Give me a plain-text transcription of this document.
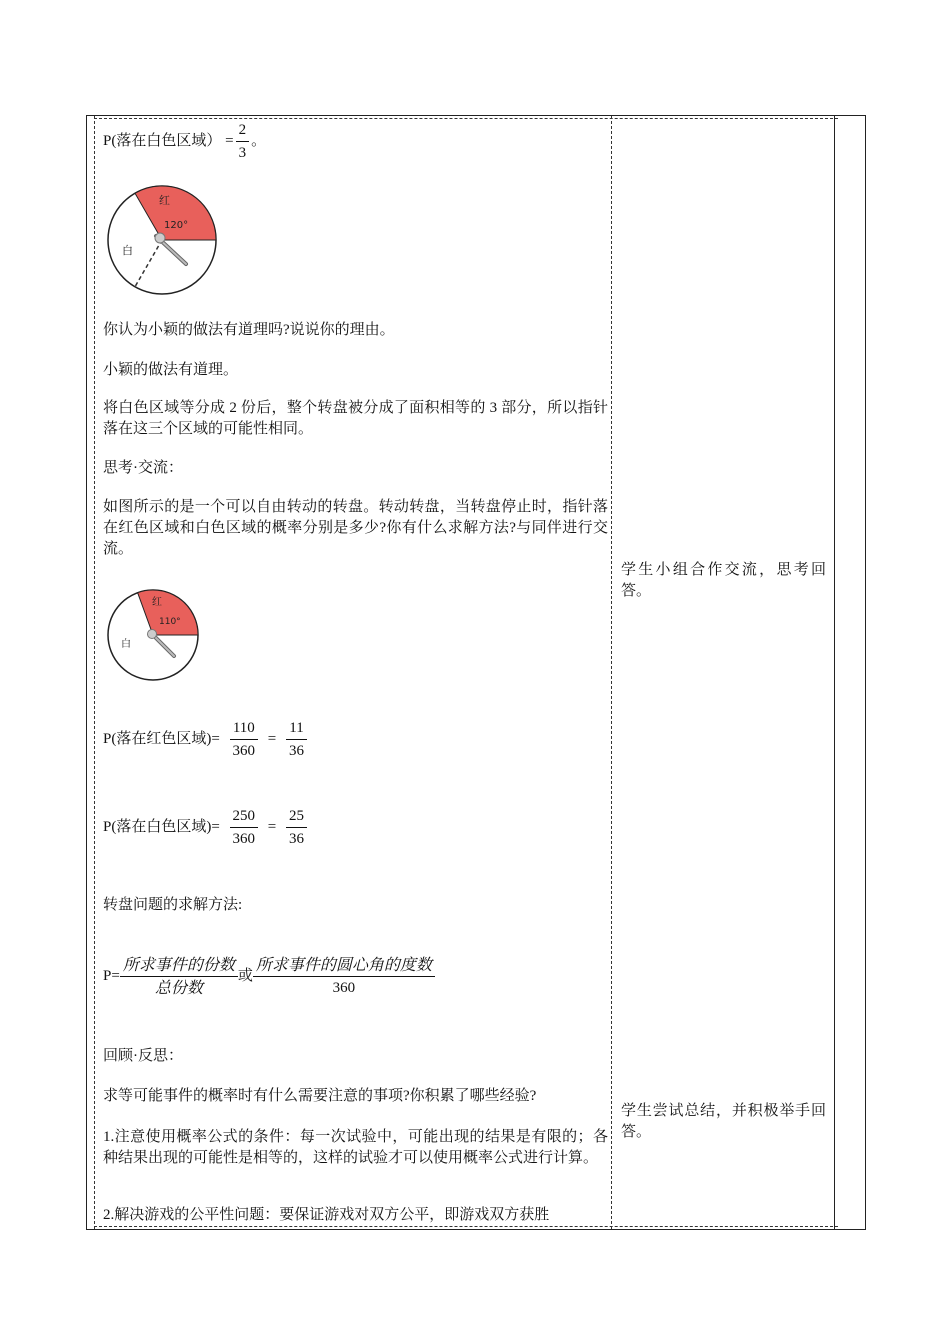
P(落在白色区域） = $\frac{2}{3}$ 。
红
120°
白
你认为小颖的做法有道理吗?说说你的理由。
小颖的做法有道理。
将白色区域等分成 2 份后，整个转盘被分成了面积相等的 3 部分，所以指针落在这三个区域的可能性相同。
思考·交流：
如图所示的是一个可以自由转动的转盘。转动转盘，当转盘停止时，指针落在红色区域和白色区域的概率分别是多少?你有什么求解方法?与同伴进行交流。
红
110°
白
P(落在红色区域)= $\frac{110}{360} = \frac{11}{36}$
P(落在白色区域)= $\frac{250}{360} = \frac{25}{36}$
转盘问题的求解方法:
$P= \frac{\text{所求事件的份数}}{\text{总份数}}$ 或 $\frac{\text{所求事件的圆心角的度数}}{360}$
回顾·反思：
求等可能事件的概率时有什么需要注意的事项?你积累了哪些经验?
1.注意使用概率公式的条件：每一次试验中，可能出现的结果是有限的；各种结果出现的可能性是相等的，这样的试验才可以使用概率公式进行计算。
2.解决游戏的公平性问题：要保证游戏对双方公平，即游戏双方获胜
学生小组合作交流，思考回答。
学生尝试总结，并积极举手回答。
